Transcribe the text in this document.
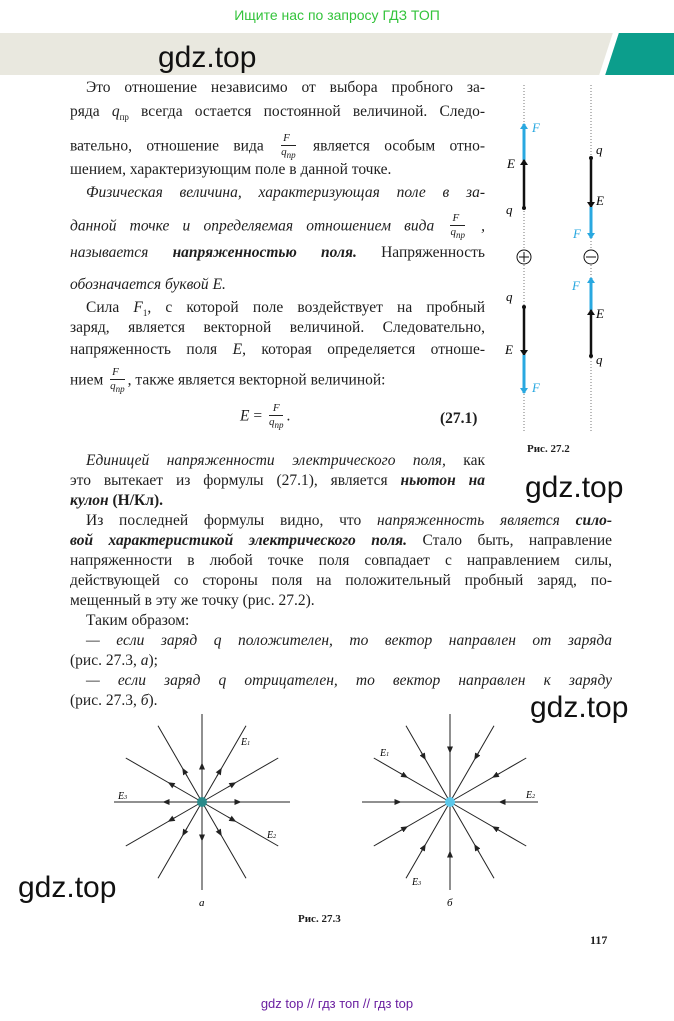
Ищите нас по запросу ГДЗ ТОП
gdz.top
gdz.top
gdz.top
gdz.top
Это отношение независимо от выбора пробного за-
ряда $q_{пр}$ всегда остается постоянной величиной. Следо-
вательно, отношение вида $\frac{F}{q_{пр}}$ является особым отно-
шением, характеризующим поле в данной точке.
Физическая величина, характеризующая поле в за-
данной точке и определяемая отношением вида $\frac{F}{q_{пр}}$ ,
называется напряженностью поля. Напряженность
обозначается буквой E.
Сила $F_1$, с которой поле воздействует на пробный
заряд, является векторной величиной. Следовательно,
напряженность поля E, которая определяется отноше-
нием $\frac{F}{q_{пр}}$ , также является векторной величиной:
$E = \frac{F}{q_{пр}}$ .	(27.1)
Единицей напряженности электрического поля, как
это вытекает из формулы (27.1), является ньютон на
кулон (Н/Кл).
Из последней формулы видно, что напряженность является сило-
вой характеристикой электрического поля. Стало быть, направление
напряженности в любой точке поля совпадает с направлением силы,
действующей со стороны поля на положительный пробный заряд, по-
мещенный в эту же точку (рис. 27.2).
Таким образом:
— если заряд q положителен, то вектор направлен от заряда
(рис. 27.3, а);
— если заряд q отрицателен, то вектор направлен к заряду
(рис. 27.3, б).
F
E
q
q
E
F
q
E
F
F
E
q
E1
E3
E2
E1
E2
E3
а	б
Рис. 27.2
Рис. 27.3
117
gdz top // гдз топ // гдз top
